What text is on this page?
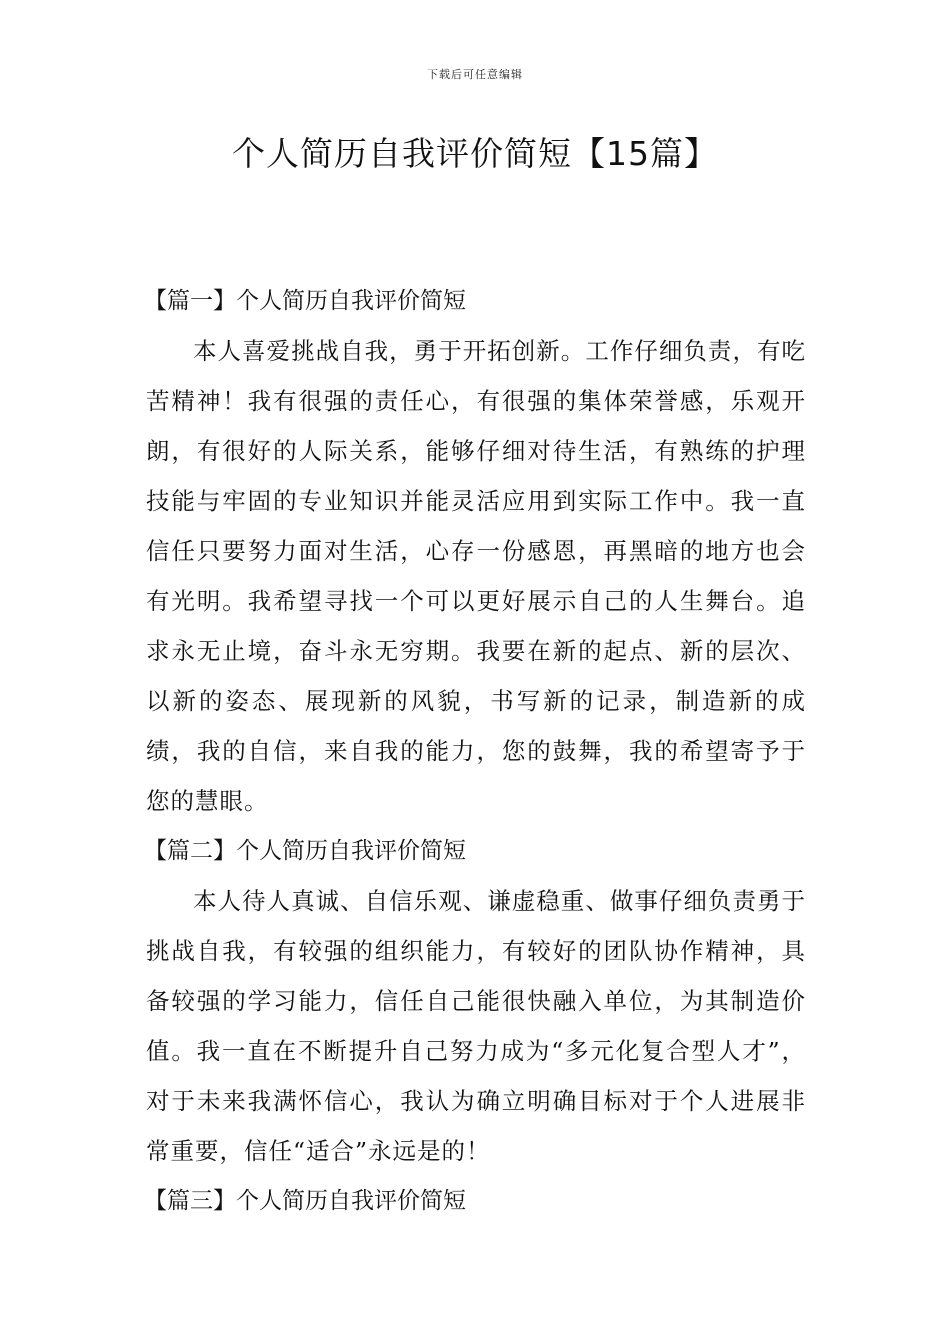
下载后可任意编辑
个人简历自我评价简短【15篇】
【篇一】个人简历自我评价简短

本人喜爱挑战自我，勇于开拓创新。工作仔细负责，有吃苦精神！我有很强的责任心，有很强的集体荣誉感，乐观开朗，有很好的人际关系，能够仔细对待生活，有熟练的护理技能与牢固的专业知识并能灵活应用到实际工作中。我一直信任只要努力面对生活，心存一份感恩，再黑暗的地方也会有光明。我希望寻找一个可以更好展示自己的人生舞台。追求永无止境，奋斗永无穷期。我要在新的起点、新的层次、以新的姿态、展现新的风貌，书写新的记录，制造新的成绩，我的自信，来自我的能力，您的鼓舞，我的希望寄予于您的慧眼。

【篇二】个人简历自我评价简短

本人待人真诚、自信乐观、谦虚稳重、做事仔细负责勇于挑战自我，有较强的组织能力，有较好的团队协作精神，具备较强的学习能力，信任自己能很快融入单位，为其制造价值。我一直在不断提升自己努力成为“多元化复合型人才”，对于未来我满怀信心，我认为确立明确目标对于个人进展非常重要，信任“适合”永远是的！

【篇三】个人简历自我评价简短
